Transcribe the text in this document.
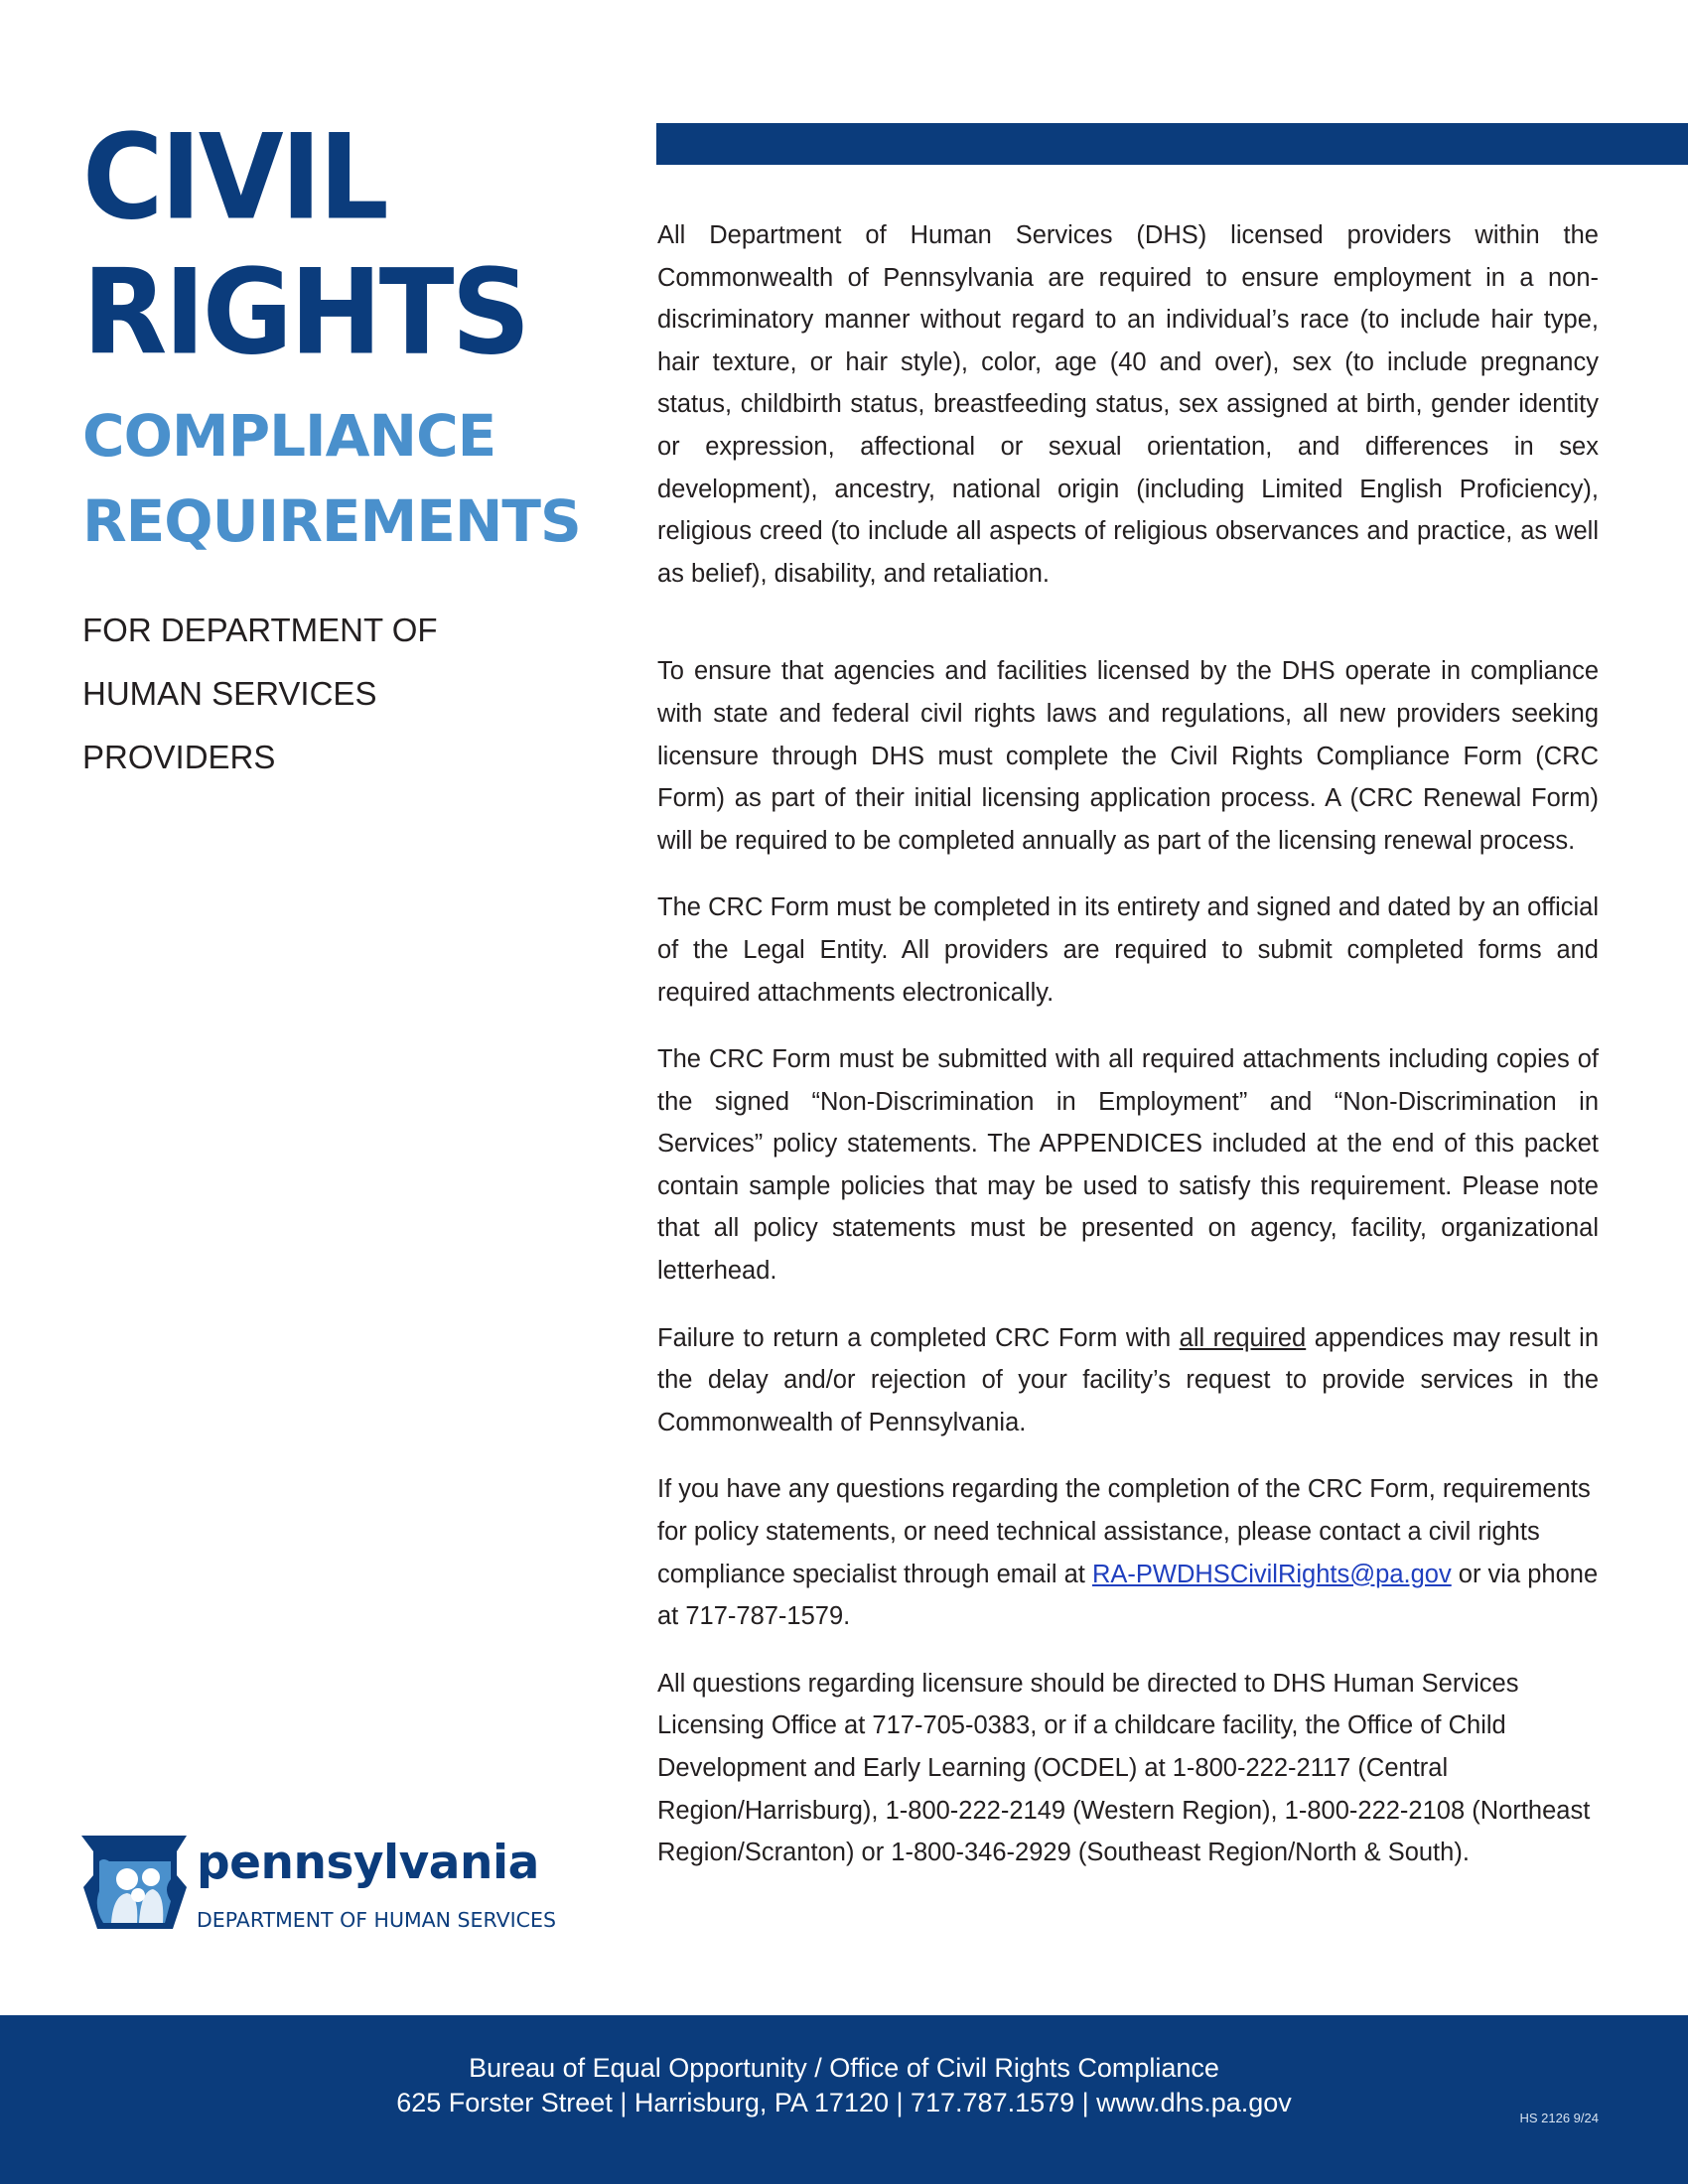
CIVIL
RIGHTS
COMPLIANCE
REQUIREMENTS
FOR DEPARTMENT OF
HUMAN SERVICES
PROVIDERS

All Department of Human Services (DHS) licensed providers within the Commonwealth of Pennsylvania are required to ensure employment in a non-discriminatory manner without regard to an individual’s race (to include hair type, hair texture, or hair style), color, age (40 and over), sex (to include pregnancy status, childbirth status, breastfeeding status, sex assigned at birth, gender identity or expression, affectional or sexual orientation, and differences in sex development), ancestry, national origin (including Limited English Proficiency), religious creed (to include all aspects of religious observances and practice, as well as belief), disability, and retaliation.

To ensure that agencies and facilities licensed by the DHS operate in compliance with state and federal civil rights laws and regulations, all new providers seeking licensure through DHS must complete the Civil Rights Compliance Form (CRC Form) as part of their initial licensing application process. A (CRC Renewal Form) will be required to be completed annually as part of the licensing renewal process.

The CRC Form must be completed in its entirety and signed and dated by an official of the Legal Entity. All providers are required to submit completed forms and required attachments electronically.

The CRC Form must be submitted with all required attachments including copies of the signed “Non-Discrimination in Employment” and “Non-Discrimination in Services” policy statements. The APPENDICES included at the end of this packet contain sample policies that may be used to satisfy this requirement. Please note that all policy statements must be presented on agency, facility, organizational letterhead.

Failure to return a completed CRC Form with all required appendices may result in the delay and/or rejection of your facility’s request to provide services in the Commonwealth of Pennsylvania.

If you have any questions regarding the completion of the CRC Form, requirements for policy statements, or need technical assistance, please contact a civil rights compliance specialist through email at RA-PWDHSCivilRights@pa.gov or via phone at 717-787-1579.

All questions regarding licensure should be directed to DHS Human Services Licensing Office at 717-705-0383, or if a childcare facility, the Office of Child Development and Early Learning (OCDEL) at 1-800-222-2117 (Central Region/Harrisburg), 1-800-222-2149 (Western Region), 1-800-222-2108 (Northeast Region/Scranton) or 1-800-346-2929 (Southeast Region/North & South).

pennsylvania
DEPARTMENT OF HUMAN SERVICES
Bureau of Equal Opportunity / Office of Civil Rights Compliance
625 Forster Street | Harrisburg, PA 17120 | 717.787.1579 | www.dhs.pa.gov
HS 2126 9/24
